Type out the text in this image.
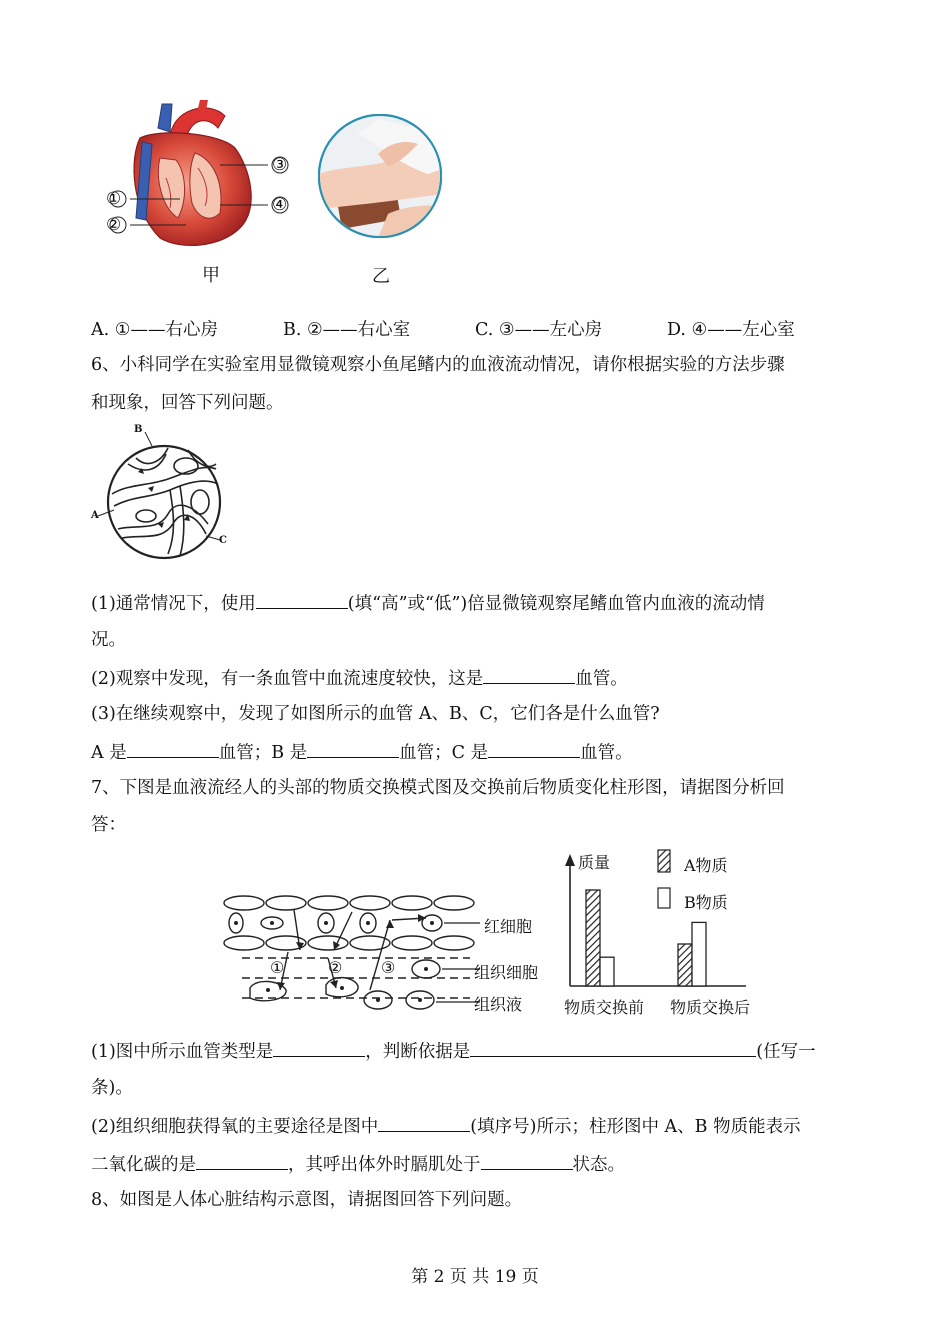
①
②
③
④
甲	乙
A. ①——右心房	B. ②——右心室	C. ③——左心房	D. ④——左心室
6、小科同学在实验室用显微镜观察小鱼尾鳍内的血液流动情况，请你根据实验的方法步骤
和现象，回答下列问题。
B
A
C
(1)通常情况下，使用	(填“高”或“低”)倍显微镜观察尾鳍血管内血液的流动情
况。
(2)观察中发现，有一条血管中血流速度较快，这是	血管。
(3)在继续观察中，发现了如图所示的血管 A、B、C，它们各是什么血管?
A 是	血管；B 是	血管；C 是	血管。
7、下图是血液流经人的头部的物质交换模式图及交换前后物质变化柱形图，请据图分析回
答：
①	② ③
红细胞
组织细胞
组织液
质量	A物质
B物质
物质交换前 物质交换后
(1)图中所示血管类型是	，判断依据是	(任写一
条)。
(2)组织细胞获得氧的主要途径是图中	(填序号)所示；柱形图中 A、B 物质能表示
二氧化碳的是	，其呼出体外时膈肌处于	状态。
8、如图是人体心脏结构示意图，请据图回答下列问题。
第 2 页 共 19 页
